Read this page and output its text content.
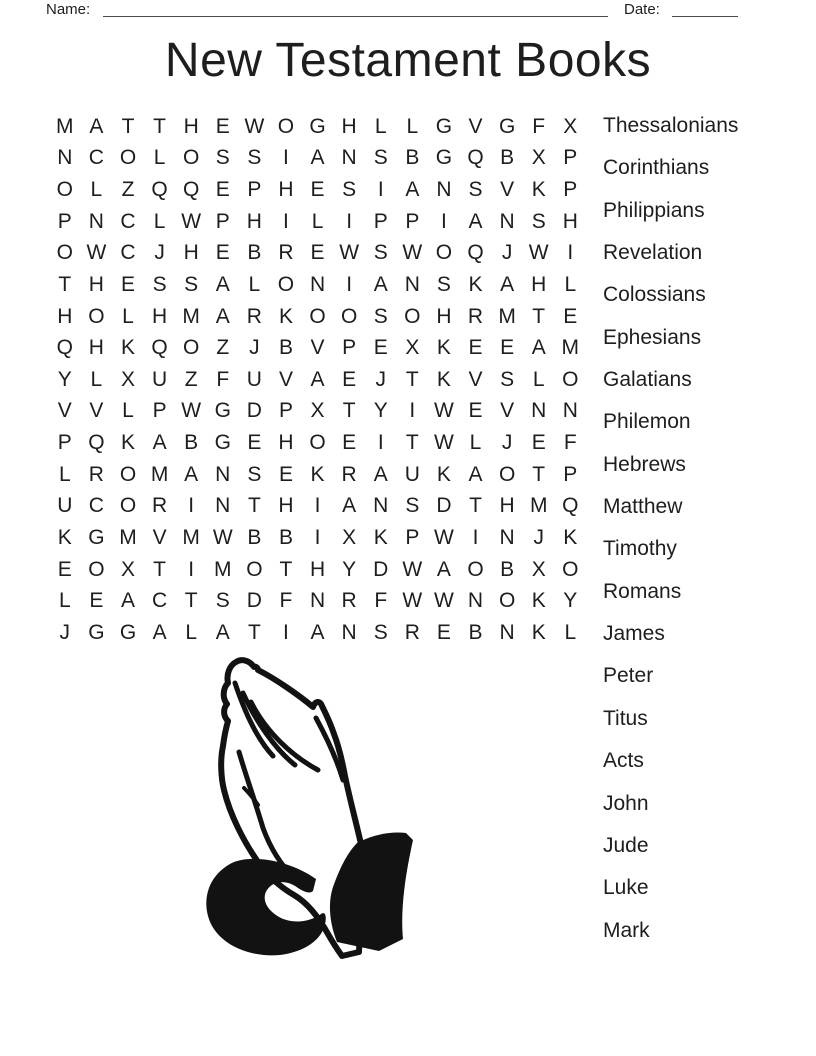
Name:	Date:
New Testament Books
M A T T H E W O G H L L G V G F X
N C O L O S S	I	A N S B G Q B X P
O L Z Q Q E P H E S	I	A N S V K P
P N C L W P H	I	L	I	P P	I	A N S H
O W C J H E B R E W S W O Q J W I
T H E S S A L O N	I	A N S K A H L
H O L H M A R K O O S O H R M T E
Q H K Q O Z J B V P E X K E E A M
Y L X U Z F U V A E J T K V S L O
V V L P W G D P X T Y	I W E V N N
P Q K A B G E H O E	I	T W L J E F
L R O M A N S E K R A U K A O T P
U C O R	I	N T H	I	A N S D T H M Q
K G M V M W B B	I	X K P W I	N J K
E O X T	I M O T H Y D W A O B X O
L E A C T S D F N R F W W N O K Y
J G G A L A T	I	A N S R E B N K L
Thessalonians
Corinthians
Philippians
Revelation
Colossians
Ephesians
Galatians
Philemon
Hebrews
Matthew
Timothy
Romans
James
Peter
Titus
Acts
John
Jude
Luke
Mark
